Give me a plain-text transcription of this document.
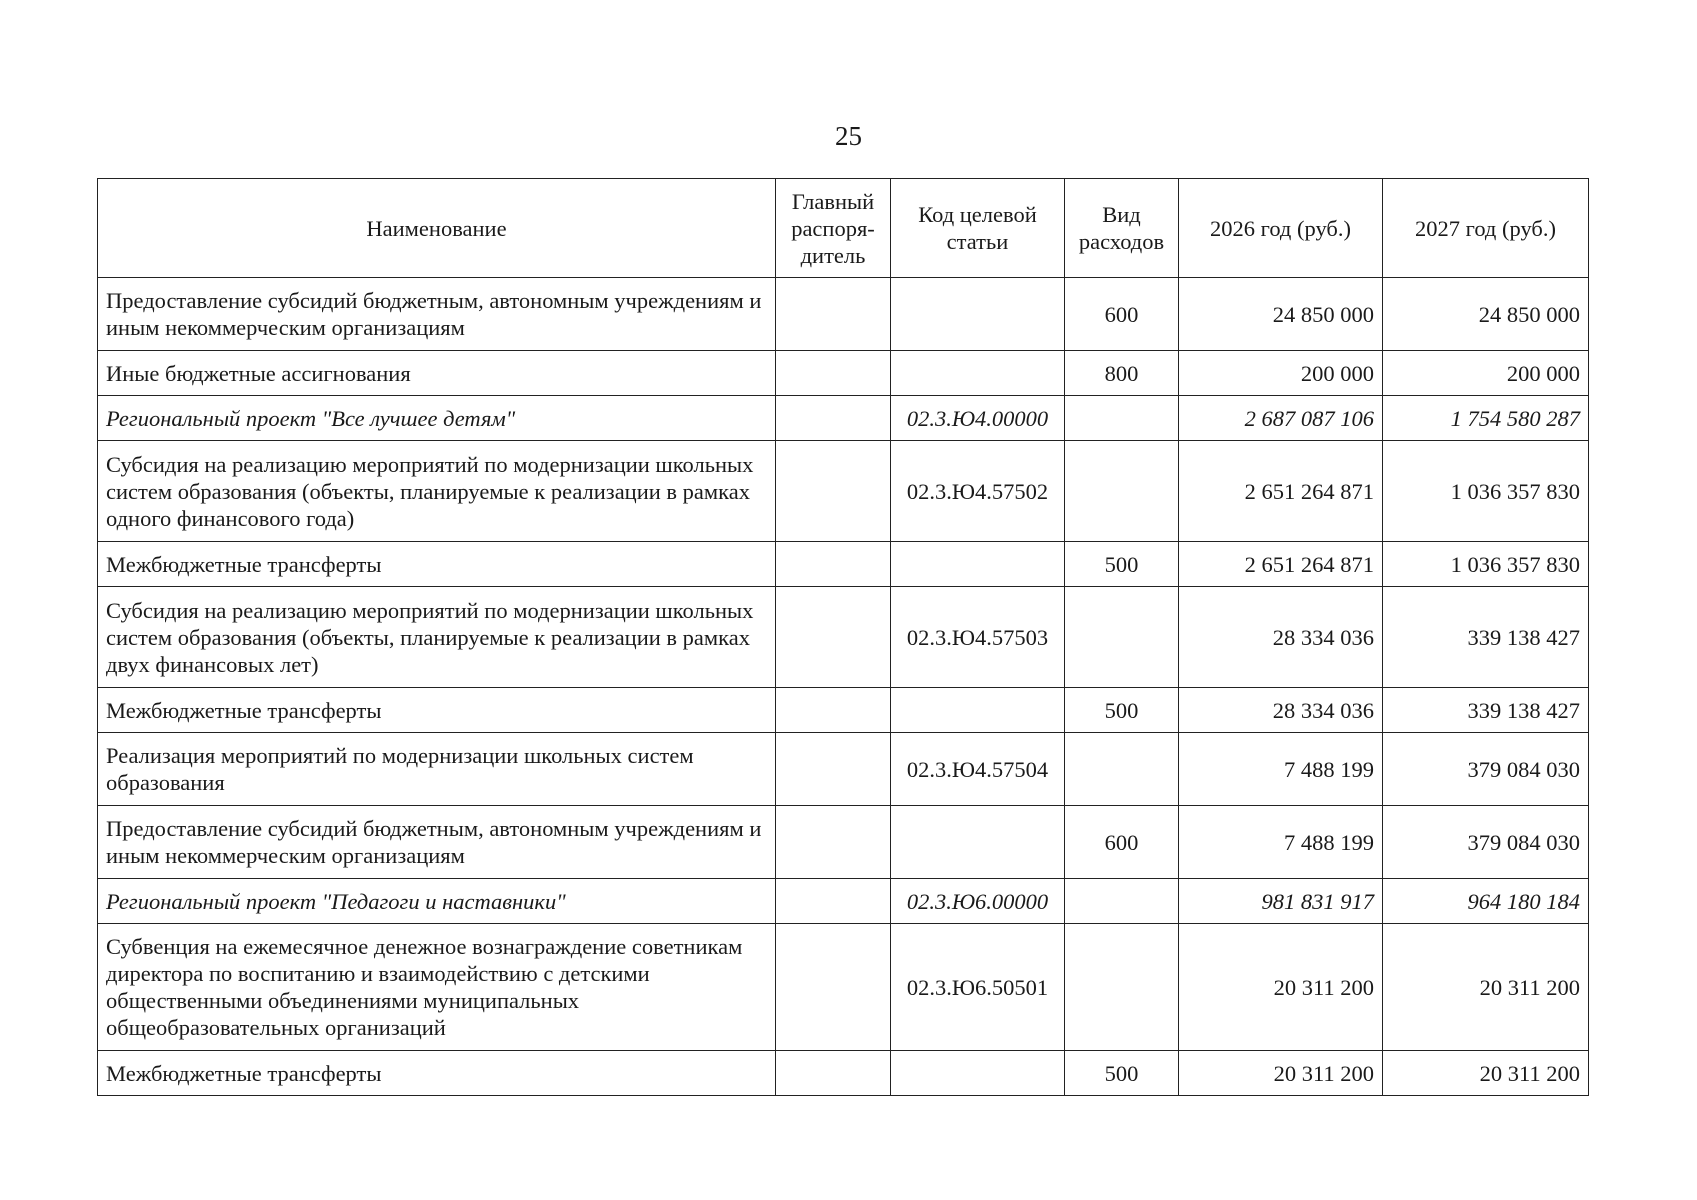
25
Наименование	Главный распоря-дитель	Код целевой статьи	Вид расходов	2026 год (руб.)	2027 год (руб.)
Предоставление субсидий бюджетным, автономным учреждениям и иным некоммерческим организациям			600	24 850 000	24 850 000
Иные бюджетные ассигнования			800	200 000	200 000
Региональный проект "Все лучшее детям"		02.3.Ю4.00000		2 687 087 106	1 754 580 287
Субсидия на реализацию мероприятий по модернизации школьных систем образования (объекты, планируемые к реализации в рамках одного финансового года)		02.3.Ю4.57502		2 651 264 871	1 036 357 830
Межбюджетные трансферты			500	2 651 264 871	1 036 357 830
Субсидия на реализацию мероприятий по модернизации школьных систем образования (объекты, планируемые к реализации в рамках двух финансовых лет)		02.3.Ю4.57503		28 334 036	339 138 427
Межбюджетные трансферты			500	28 334 036	339 138 427
Реализация мероприятий по модернизации школьных систем образования		02.3.Ю4.57504		7 488 199	379 084 030
Предоставление субсидий бюджетным, автономным учреждениям и иным некоммерческим организациям			600	7 488 199	379 084 030
Региональный проект "Педагоги и наставники"		02.3.Ю6.00000		981 831 917	964 180 184
Субвенция на ежемесячное денежное вознаграждение советникам директора по воспитанию и взаимодействию с детскими общественными объединениями муниципальных общеобразовательных организаций		02.3.Ю6.50501		20 311 200	20 311 200
Межбюджетные трансферты			500	20 311 200	20 311 200
